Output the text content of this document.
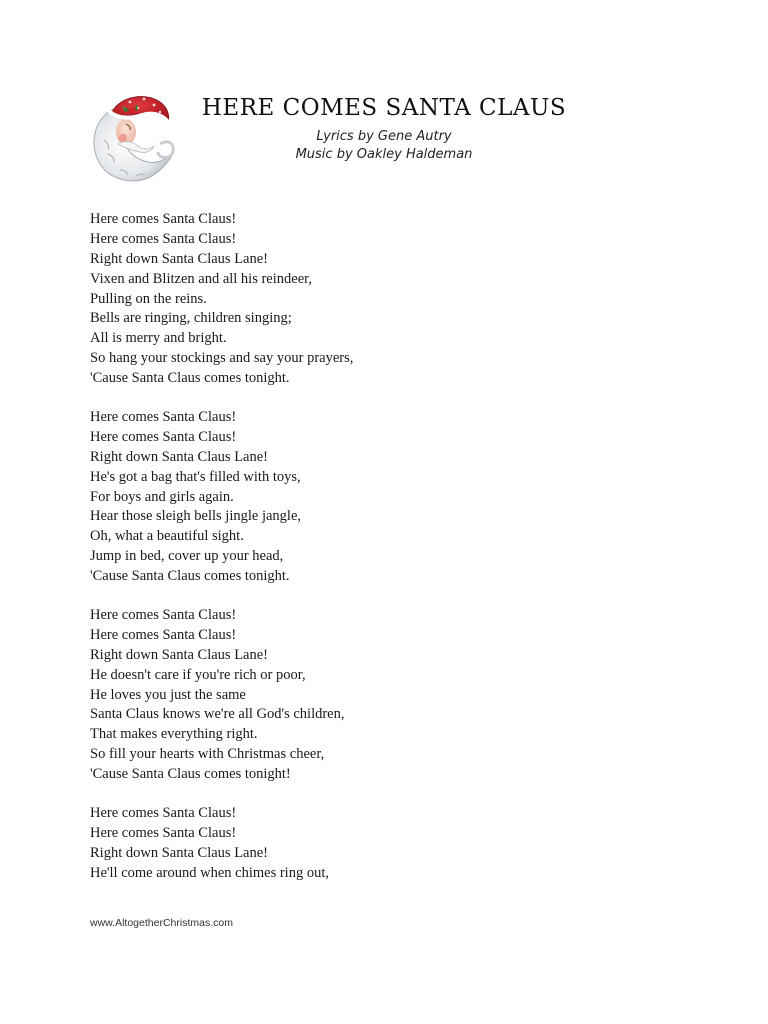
HERE COMES SANTA CLAUS
Lyrics by Gene Autry
Music by Oakley Haldeman
Here comes Santa Claus!
Here comes Santa Claus!
Right down Santa Claus Lane!
Vixen and Blitzen and all his reindeer,
Pulling on the reins.
Bells are ringing, children singing;
All is merry and bright.
So hang your stockings and say your prayers,
'Cause Santa Claus comes tonight.
Here comes Santa Claus!
Here comes Santa Claus!
Right down Santa Claus Lane!
He's got a bag that's filled with toys,
For boys and girls again.
Hear those sleigh bells jingle jangle,
Oh, what a beautiful sight.
Jump in bed, cover up your head,
'Cause Santa Claus comes tonight.
Here comes Santa Claus!
Here comes Santa Claus!
Right down Santa Claus Lane!
He doesn't care if you're rich or poor,
He loves you just the same
Santa Claus knows we're all God's children,
That makes everything right.
So fill your hearts with Christmas cheer,
'Cause Santa Claus comes tonight!
Here comes Santa Claus!
Here comes Santa Claus!
Right down Santa Claus Lane!
He'll come around when chimes ring out,
www.AltogetherChristmas.com
